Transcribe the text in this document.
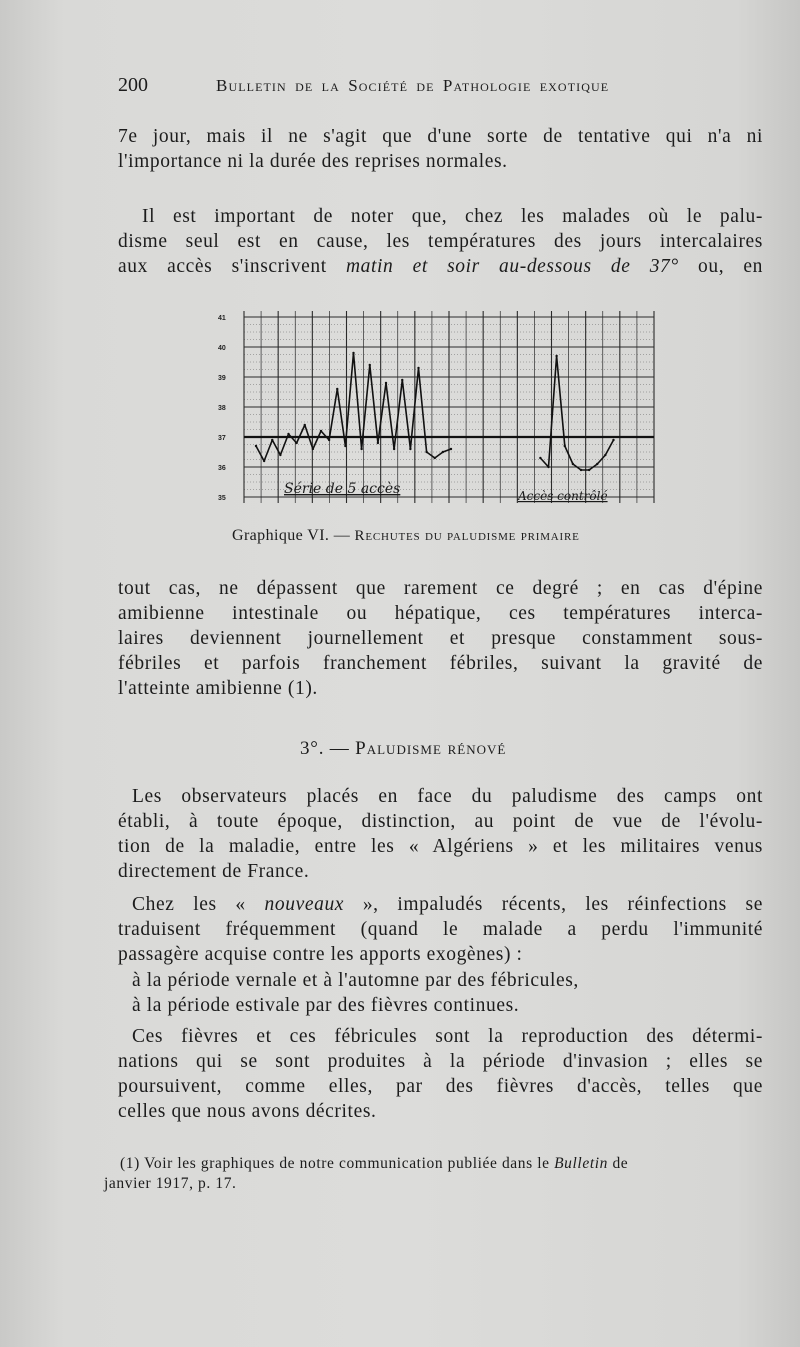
200	Bulletin de la Société de Pathologie exotique
7e jour, mais il ne s'agit que d'une sorte de tentative qui n'a ni
l'importance ni la durée des reprises normales.
Il est important de noter que, chez les malades où le palu-
disme seul est en cause, les températures des jours intercalaires
aux accès s'inscrivent matin et soir au-dessous de 37° ou, en
35
36
37
38
39
40
41
Série de 5 accès	Accès contrôlé
Graphique VI. — Rechutes du paludisme primaire
tout cas, ne dépassent que rarement ce degré ; en cas d'épine
amibienne intestinale ou hépatique, ces températures interca-
laires deviennent journellement et presque constamment sous-
fébriles et parfois franchement fébriles, suivant la gravité de
l'atteinte amibienne (1).
3°. — Paludisme rénové
Les observateurs placés en face du paludisme des camps ont
établi, à toute époque, distinction, au point de vue de l'évolu-
tion de la maladie, entre les « Algériens » et les militaires venus
directement de France.
Chez les « nouveaux », impaludés récents, les réinfections se
traduisent fréquemment (quand le malade a perdu l'immunité
passagère acquise contre les apports exogènes) :
à la période vernale et à l'automne par des fébricules,
à la période estivale par des fièvres continues.
Ces fièvres et ces fébricules sont la reproduction des détermi-
nations qui se sont produites à la période d'invasion ; elles se
poursuivent, comme elles, par des fièvres d'accès, telles que
celles que nous avons décrites.
(1) Voir les graphiques de notre communication publiée dans le Bulletin de
janvier 1917, p. 17.
